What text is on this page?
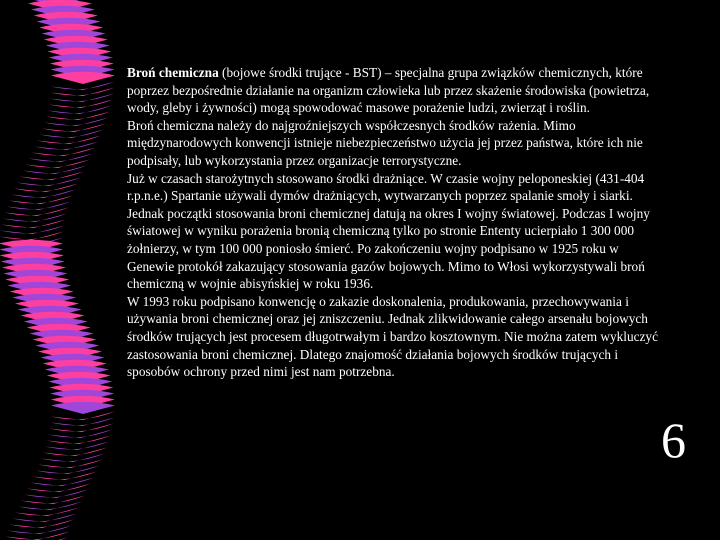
Broń chemiczna (bojowe środki trujące - BST) – specjalna grupa związków chemicznych, które poprzez bezpośrednie działanie na organizm człowieka lub przez skażenie środowiska (powietrza, wody, gleby i żywności) mogą spowodować masowe porażenie ludzi, zwierząt i roślin.

Broń chemiczna należy do najgroźniejszych współczesnych środków rażenia. Mimo międzynarodowych konwencji istnieje niebezpieczeństwo użycia jej przez państwa, które ich nie podpisały, lub wykorzystania przez organizacje terrorystyczne.

Już w czasach starożytnych stosowano środki drażniące. W czasie wojny peloponeskiej (431-404 r.p.n.e.) Spartanie używali dymów drażniących, wytwarzanych poprzez spalanie smoły i siarki. Jednak początki stosowania broni chemicznej datują na okres I wojny światowej. Podczas I wojny światowej w wyniku porażenia bronią chemiczną tylko po stronie Ententy ucierpiało 1 300 000 żołnierzy, w tym 100 000 poniosło śmierć. Po zakończeniu wojny podpisano w 1925 roku w Genewie protokół zakazujący stosowania gazów bojowych. Mimo to Włosi wykorzystywali broń chemiczną w wojnie abisyńskiej w roku 1936.

W 1993 roku podpisano konwencję o zakazie doskonalenia, produkowania, przechowywania i używania broni chemicznej oraz jej zniszczeniu. Jednak zlikwidowanie całego arsenału bojowych środków trujących jest procesem długotrwałym i bardzo kosztownym. Nie można zatem wykluczyć zastosowania broni chemicznej. Dlatego znajomość działania bojowych środków trujących i sposobów ochrony przed nimi jest nam potrzebna.

6
